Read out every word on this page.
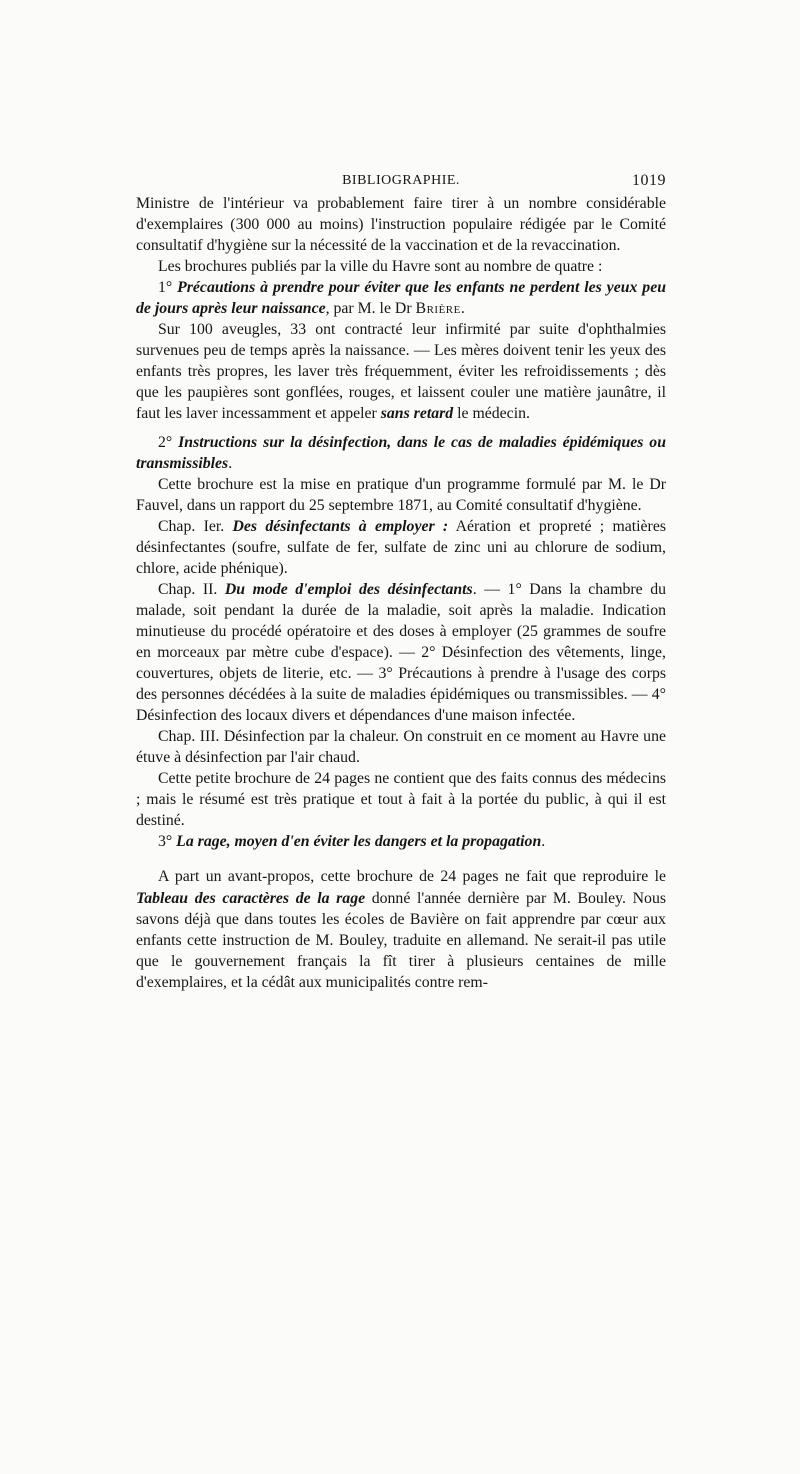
BIBLIOGRAPHIE.	1019

Ministre de l'intérieur va probablement faire tirer à un nombre considérable d'exemplaires (300 000 au moins) l'instruction populaire rédigée par le Comité consultatif d'hygiène sur la nécessité de la vaccination et de la revaccination.

Les brochures publiés par la ville du Havre sont au nombre de quatre :

1° Précautions à prendre pour éviter que les enfants ne perdent les yeux peu de jours après leur naissance, par M. le Dr Brière.

Sur 100 aveugles, 33 ont contracté leur infirmité par suite d'ophthalmies survenues peu de temps après la naissance. — Les mères doivent tenir les yeux des enfants très propres, les laver très fréquemment, éviter les refroidissements ; dès que les paupières sont gonflées, rouges, et laissent couler une matière jaunâtre, il faut les laver incessamment et appeler sans retard le médecin.

2° Instructions sur la désinfection, dans le cas de maladies épidémiques ou transmissibles.

Cette brochure est la mise en pratique d'un programme formulé par M. le Dr Fauvel, dans un rapport du 25 septembre 1871, au Comité consultatif d'hygiène.

Chap. Ier. Des désinfectants à employer : Aération et propreté ; matières désinfectantes (soufre, sulfate de fer, sulfate de zinc uni au chlorure de sodium, chlore, acide phénique).

Chap. II. Du mode d'emploi des désinfectants. — 1° Dans la chambre du malade, soit pendant la durée de la maladie, soit après la maladie. Indication minutieuse du procédé opératoire et des doses à employer (25 grammes de soufre en morceaux par mètre cube d'espace). — 2° Désinfection des vêtements, linge, couvertures, objets de literie, etc. — 3° Précautions à prendre à l'usage des corps des personnes décédées à la suite de maladies épidémiques ou transmissibles. — 4° Désinfection des locaux divers et dépendances d'une maison infectée.

Chap. III. Désinfection par la chaleur. On construit en ce moment au Havre une étuve à désinfection par l'air chaud.

Cette petite brochure de 24 pages ne contient que des faits connus des médecins ; mais le résumé est très pratique et tout à fait à la portée du public, à qui il est destiné.

3° La rage, moyen d'en éviter les dangers et la propagation.

A part un avant-propos, cette brochure de 24 pages ne fait que reproduire le Tableau des caractères de la rage donné l'année dernière par M. Bouley. Nous savons déjà que dans toutes les écoles de Bavière on fait apprendre par cœur aux enfants cette instruction de M. Bouley, traduite en allemand. Ne serait-il pas utile que le gouvernement français la fît tirer à plusieurs centaines de mille d'exemplaires, et la cédât aux municipalités contre rem-
